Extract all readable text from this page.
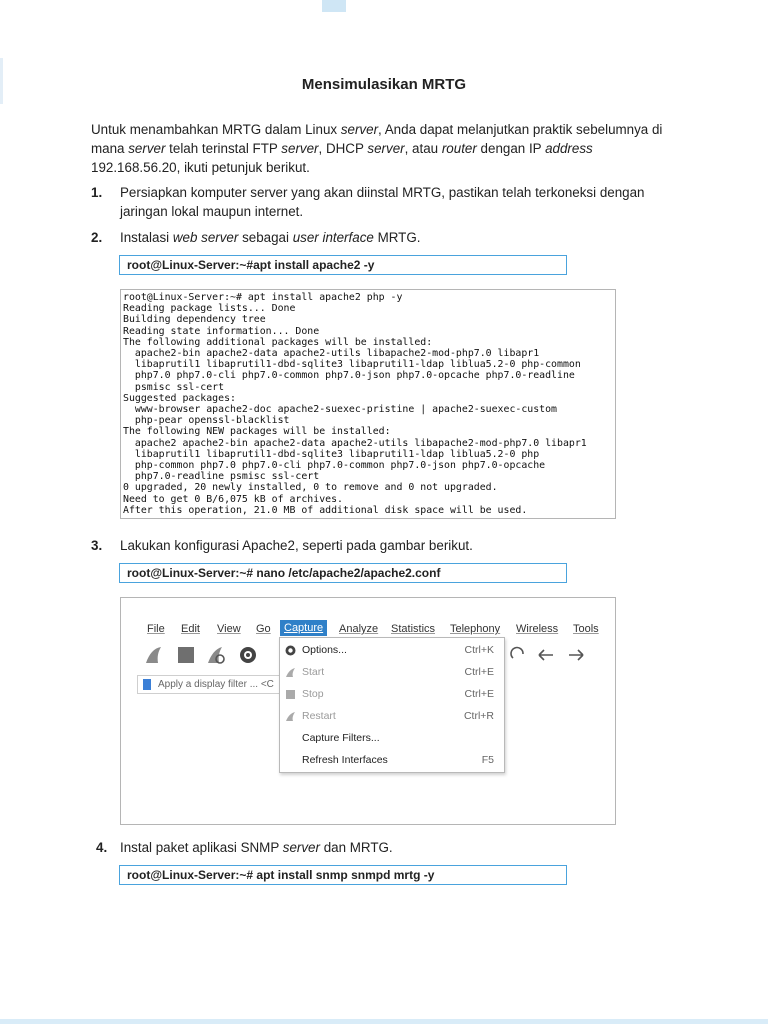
Mensimulasikan MRTG

Untuk menambahkan MRTG dalam Linux server, Anda dapat melanjutkan praktik sebelumnya di mana server telah terinstal FTP server, DHCP server, atau router dengan IP address 192.168.56.20, ikuti petunjuk berikut.

1. Persiapkan komputer server yang akan diinstal MRTG, pastikan telah terkoneksi dengan jaringan lokal maupun internet.
2. Instalasi web server sebagai user interface MRTG.
root@Linux-Server:~#apt install apache2 -y
root@Linux-Server:~# apt install apache2 php -y
Reading package lists... Done
Building dependency tree
Reading state information... Done
The following additional packages will be installed:
apache2-bin apache2-data apache2-utils libapache2-mod-php7.0 libapr1
libaprutil1 libaprutil1-dbd-sqlite3 libaprutil1-ldap liblua5.2-0 php-common
php7.0 php7.0-cli php7.0-common php7.0-json php7.0-opcache php7.0-readline
psmisc ssl-cert
Suggested packages:
www-browser apache2-doc apache2-suexec-pristine | apache2-suexec-custom
php-pear openssl-blacklist
The following NEW packages will be installed:
apache2 apache2-bin apache2-data apache2-utils libapache2-mod-php7.0 libapr1
libaprutil1 libaprutil1-dbd-sqlite3 libaprutil1-ldap liblua5.2-0 php
php-common php7.0 php7.0-cli php7.0-common php7.0-json php7.0-opcache
php7.0-readline psmisc ssl-cert
0 upgraded, 20 newly installed, 0 to remove and 0 not upgraded.
Need to get 0 B/6,075 kB of archives.
After this operation, 21.0 MB of additional disk space will be used.
3. Lakukan konfigurasi Apache2, seperti pada gambar berikut.
root@Linux-Server:~# nano /etc/apache2/apache2.conf
File Edit View Go	Capture	Analyze Statistics Telephony Wireless Tools
Apply a display filter ... <C
Options...	Ctrl+K
Start	Ctrl+E
Stop	Ctrl+E
Restart	Ctrl+R
Capture Filters...
Refresh Interfaces	F5
4. Instal paket aplikasi SNMP server dan MRTG.
root@Linux-Server:~# apt install snmp snmpd mrtg -y
